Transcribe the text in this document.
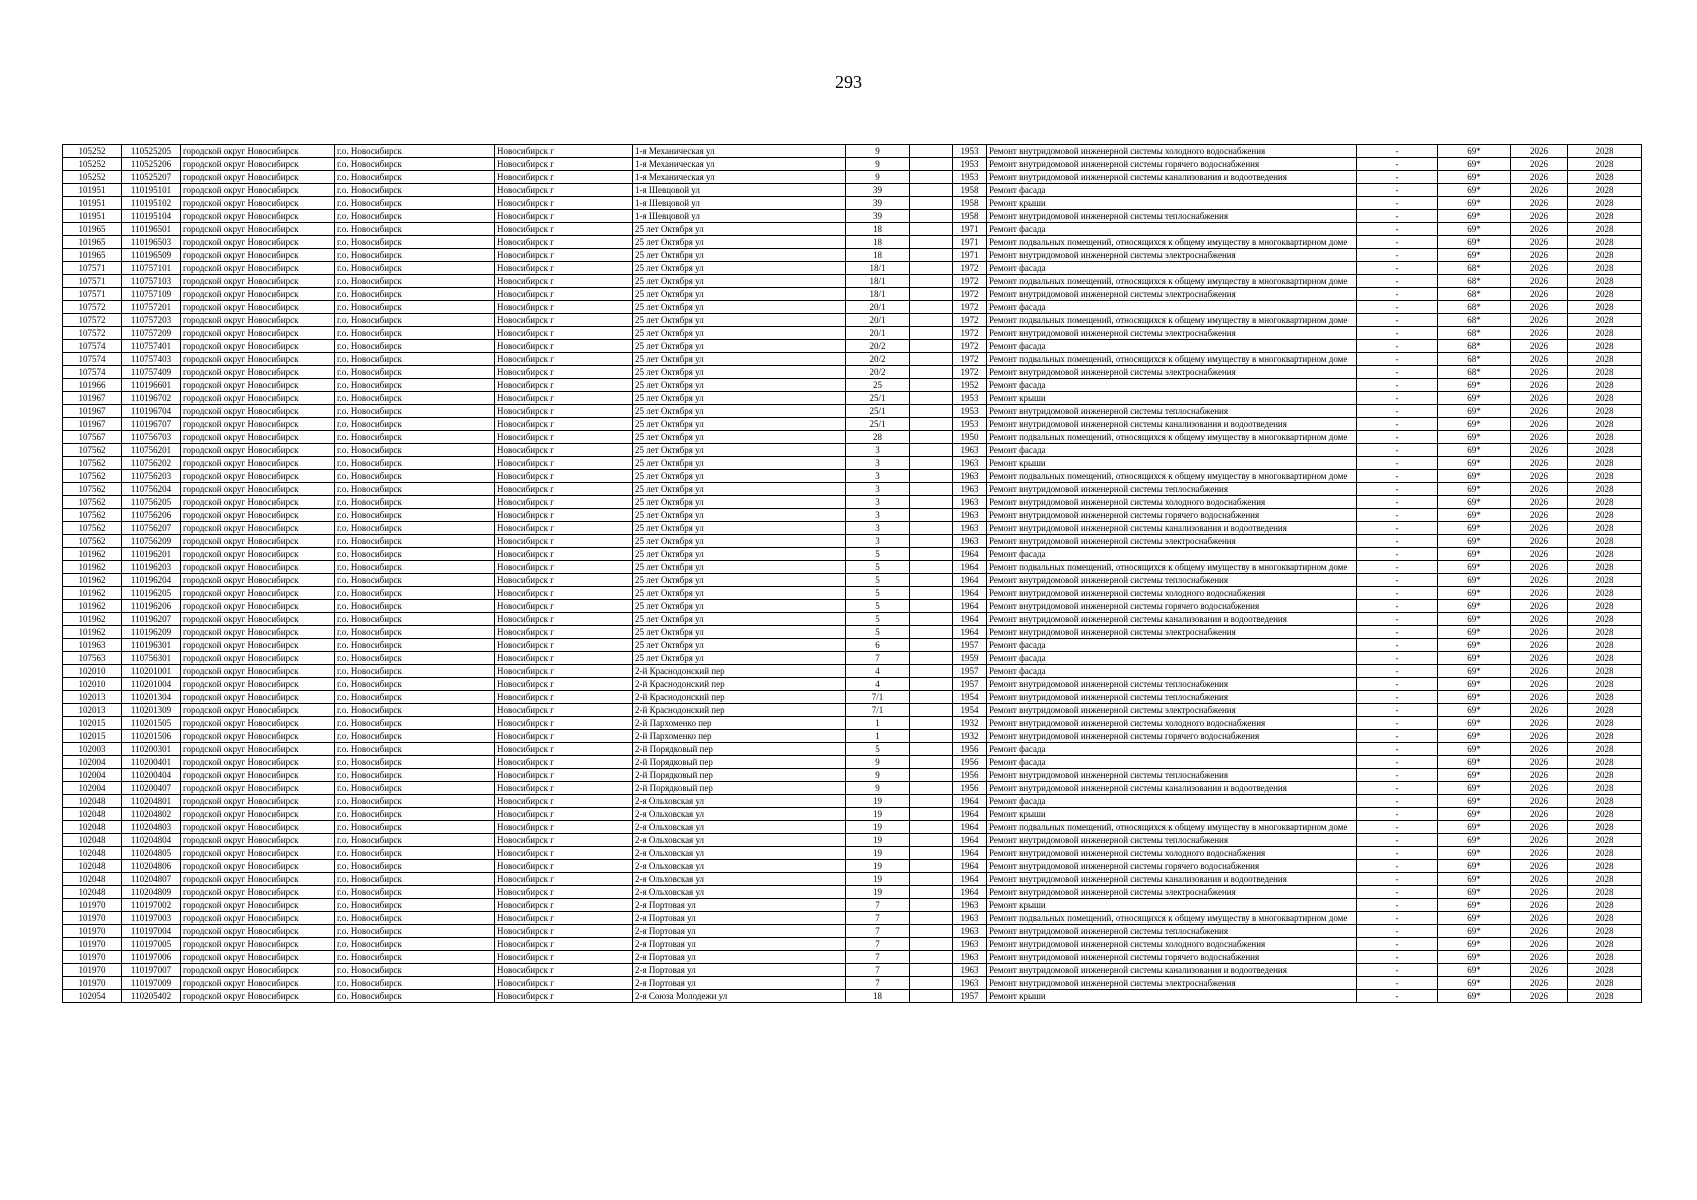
293
105252	110525205	городской округ Новосибирск	г.о. Новосибирск	Новосибирск г	1-я Механическая ул	9		1953	Ремонт внутридомовой инженерной системы холодного водоснабжения	-	69*	2026	2028
105252	110525206	городской округ Новосибирск	г.о. Новосибирск	Новосибирск г	1-я Механическая ул	9		1953	Ремонт внутридомовой инженерной системы горячего водоснабжения	-	69*	2026	2028
105252	110525207	городской округ Новосибирск	г.о. Новосибирск	Новосибирск г	1-я Механическая ул	9		1953	Ремонт внутридомовой инженерной системы канализования и водоотведения	-	69*	2026	2028
101951	110195101	городской округ Новосибирск	г.о. Новосибирск	Новосибирск г	1-я Шевцовой ул	39		1958	Ремонт фасада	-	69*	2026	2028
101951	110195102	городской округ Новосибирск	г.о. Новосибирск	Новосибирск г	1-я Шевцовой ул	39		1958	Ремонт крыши	-	69*	2026	2028
101951	110195104	городской округ Новосибирск	г.о. Новосибирск	Новосибирск г	1-я Шевцовой ул	39		1958	Ремонт внутридомовой инженерной системы теплоснабжения	-	69*	2026	2028
101965	110196501	городской округ Новосибирск	г.о. Новосибирск	Новосибирск г	25 лет Октября ул	18		1971	Ремонт фасада	-	69*	2026	2028
101965	110196503	городской округ Новосибирск	г.о. Новосибирск	Новосибирск г	25 лет Октября ул	18		1971	Ремонт подвальных помещений, относящихся к общему имуществу в многоквартирном доме	-	69*	2026	2028
101965	110196509	городской округ Новосибирск	г.о. Новосибирск	Новосибирск г	25 лет Октября ул	18		1971	Ремонт внутридомовой инженерной системы электроснабжения	-	69*	2026	2028
107571	110757101	городской округ Новосибирск	г.о. Новосибирск	Новосибирск г	25 лет Октября ул	18/1		1972	Ремонт фасада	-	68*	2026	2028
107571	110757103	городской округ Новосибирск	г.о. Новосибирск	Новосибирск г	25 лет Октября ул	18/1		1972	Ремонт подвальных помещений, относящихся к общему имуществу в многоквартирном доме	-	68*	2026	2028
107571	110757109	городской округ Новосибирск	г.о. Новосибирск	Новосибирск г	25 лет Октября ул	18/1		1972	Ремонт внутридомовой инженерной системы электроснабжения	-	68*	2026	2028
107572	110757201	городской округ Новосибирск	г.о. Новосибирск	Новосибирск г	25 лет Октября ул	20/1		1972	Ремонт фасада	-	68*	2026	2028
107572	110757203	городской округ Новосибирск	г.о. Новосибирск	Новосибирск г	25 лет Октября ул	20/1		1972	Ремонт подвальных помещений, относящихся к общему имуществу в многоквартирном доме	-	68*	2026	2028
107572	110757209	городской округ Новосибирск	г.о. Новосибирск	Новосибирск г	25 лет Октября ул	20/1		1972	Ремонт внутридомовой инженерной системы электроснабжения	-	68*	2026	2028
107574	110757401	городской округ Новосибирск	г.о. Новосибирск	Новосибирск г	25 лет Октября ул	20/2		1972	Ремонт фасада	-	68*	2026	2028
107574	110757403	городской округ Новосибирск	г.о. Новосибирск	Новосибирск г	25 лет Октября ул	20/2		1972	Ремонт подвальных помещений, относящихся к общему имуществу в многоквартирном доме	-	68*	2026	2028
107574	110757409	городской округ Новосибирск	г.о. Новосибирск	Новосибирск г	25 лет Октября ул	20/2		1972	Ремонт внутридомовой инженерной системы электроснабжения	-	68*	2026	2028
101966	110196601	городской округ Новосибирск	г.о. Новосибирск	Новосибирск г	25 лет Октября ул	25		1952	Ремонт фасада	-	69*	2026	2028
101967	110196702	городской округ Новосибирск	г.о. Новосибирск	Новосибирск г	25 лет Октября ул	25/1		1953	Ремонт крыши	-	69*	2026	2028
101967	110196704	городской округ Новосибирск	г.о. Новосибирск	Новосибирск г	25 лет Октября ул	25/1		1953	Ремонт внутридомовой инженерной системы теплоснабжения	-	69*	2026	2028
101967	110196707	городской округ Новосибирск	г.о. Новосибирск	Новосибирск г	25 лет Октября ул	25/1		1953	Ремонт внутридомовой инженерной системы канализования и водоотведения	-	69*	2026	2028
107567	110756703	городской округ Новосибирск	г.о. Новосибирск	Новосибирск г	25 лет Октября ул	28		1950	Ремонт подвальных помещений, относящихся к общему имуществу в многоквартирном доме	-	69*	2026	2028
107562	110756201	городской округ Новосибирск	г.о. Новосибирск	Новосибирск г	25 лет Октября ул	3		1963	Ремонт фасада	-	69*	2026	2028
107562	110756202	городской округ Новосибирск	г.о. Новосибирск	Новосибирск г	25 лет Октября ул	3		1963	Ремонт крыши	-	69*	2026	2028
107562	110756203	городской округ Новосибирск	г.о. Новосибирск	Новосибирск г	25 лет Октября ул	3		1963	Ремонт подвальных помещений, относящихся к общему имуществу в многоквартирном доме	-	69*	2026	2028
107562	110756204	городской округ Новосибирск	г.о. Новосибирск	Новосибирск г	25 лет Октября ул	3		1963	Ремонт внутридомовой инженерной системы теплоснабжения	-	69*	2026	2028
107562	110756205	городской округ Новосибирск	г.о. Новосибирск	Новосибирск г	25 лет Октября ул	3		1963	Ремонт внутридомовой инженерной системы холодного водоснабжения	-	69*	2026	2028
107562	110756206	городской округ Новосибирск	г.о. Новосибирск	Новосибирск г	25 лет Октября ул	3		1963	Ремонт внутридомовой инженерной системы горячего водоснабжения	-	69*	2026	2028
107562	110756207	городской округ Новосибирск	г.о. Новосибирск	Новосибирск г	25 лет Октября ул	3		1963	Ремонт внутридомовой инженерной системы канализования и водоотведения	-	69*	2026	2028
107562	110756209	городской округ Новосибирск	г.о. Новосибирск	Новосибирск г	25 лет Октября ул	3		1963	Ремонт внутридомовой инженерной системы электроснабжения	-	69*	2026	2028
101962	110196201	городской округ Новосибирск	г.о. Новосибирск	Новосибирск г	25 лет Октября ул	5		1964	Ремонт фасада	-	69*	2026	2028
101962	110196203	городской округ Новосибирск	г.о. Новосибирск	Новосибирск г	25 лет Октября ул	5		1964	Ремонт подвальных помещений, относящихся к общему имуществу в многоквартирном доме	-	69*	2026	2028
101962	110196204	городской округ Новосибирск	г.о. Новосибирск	Новосибирск г	25 лет Октября ул	5		1964	Ремонт внутридомовой инженерной системы теплоснабжения	-	69*	2026	2028
101962	110196205	городской округ Новосибирск	г.о. Новосибирск	Новосибирск г	25 лет Октября ул	5		1964	Ремонт внутридомовой инженерной системы холодного водоснабжения	-	69*	2026	2028
101962	110196206	городской округ Новосибирск	г.о. Новосибирск	Новосибирск г	25 лет Октября ул	5		1964	Ремонт внутридомовой инженерной системы горячего водоснабжения	-	69*	2026	2028
101962	110196207	городской округ Новосибирск	г.о. Новосибирск	Новосибирск г	25 лет Октября ул	5		1964	Ремонт внутридомовой инженерной системы канализования и водоотведения	-	69*	2026	2028
101962	110196209	городской округ Новосибирск	г.о. Новосибирск	Новосибирск г	25 лет Октября ул	5		1964	Ремонт внутридомовой инженерной системы электроснабжения	-	69*	2026	2028
101963	110196301	городской округ Новосибирск	г.о. Новосибирск	Новосибирск г	25 лет Октября ул	6		1957	Ремонт фасада	-	69*	2026	2028
107563	110756301	городской округ Новосибирск	г.о. Новосибирск	Новосибирск г	25 лет Октября ул	7		1959	Ремонт фасада	-	69*	2026	2028
102010	110201001	городской округ Новосибирск	г.о. Новосибирск	Новосибирск г	2-й Краснодонский пер	4		1957	Ремонт фасада	-	69*	2026	2028
102010	110201004	городской округ Новосибирск	г.о. Новосибирск	Новосибирск г	2-й Краснодонский пер	4		1957	Ремонт внутридомовой инженерной системы теплоснабжения	-	69*	2026	2028
102013	110201304	городской округ Новосибирск	г.о. Новосибирск	Новосибирск г	2-й Краснодонский пер	7/1		1954	Ремонт внутридомовой инженерной системы теплоснабжения	-	69*	2026	2028
102013	110201309	городской округ Новосибирск	г.о. Новосибирск	Новосибирск г	2-й Краснодонский пер	7/1		1954	Ремонт внутридомовой инженерной системы электроснабжения	-	69*	2026	2028
102015	110201505	городской округ Новосибирск	г.о. Новосибирск	Новосибирск г	2-й Пархоменко пер	1		1932	Ремонт внутридомовой инженерной системы холодного водоснабжения	-	69*	2026	2028
102015	110201506	городской округ Новосибирск	г.о. Новосибирск	Новосибирск г	2-й Пархоменко пер	1		1932	Ремонт внутридомовой инженерной системы горячего водоснабжения	-	69*	2026	2028
102003	110200301	городской округ Новосибирск	г.о. Новосибирск	Новосибирск г	2-й Порядковый пер	5		1956	Ремонт фасада	-	69*	2026	2028
102004	110200401	городской округ Новосибирск	г.о. Новосибирск	Новосибирск г	2-й Порядковый пер	9		1956	Ремонт фасада	-	69*	2026	2028
102004	110200404	городской округ Новосибирск	г.о. Новосибирск	Новосибирск г	2-й Порядковый пер	9		1956	Ремонт внутридомовой инженерной системы теплоснабжения	-	69*	2026	2028
102004	110200407	городской округ Новосибирск	г.о. Новосибирск	Новосибирск г	2-й Порядковый пер	9		1956	Ремонт внутридомовой инженерной системы канализования и водоотведения	-	69*	2026	2028
102048	110204801	городской округ Новосибирск	г.о. Новосибирск	Новосибирск г	2-я Ольховская ул	19		1964	Ремонт фасада	-	69*	2026	2028
102048	110204802	городской округ Новосибирск	г.о. Новосибирск	Новосибирск г	2-я Ольховская ул	19		1964	Ремонт крыши	-	69*	2026	2028
102048	110204803	городской округ Новосибирск	г.о. Новосибирск	Новосибирск г	2-я Ольховская ул	19		1964	Ремонт подвальных помещений, относящихся к общему имуществу в многоквартирном доме	-	69*	2026	2028
102048	110204804	городской округ Новосибирск	г.о. Новосибирск	Новосибирск г	2-я Ольховская ул	19		1964	Ремонт внутридомовой инженерной системы теплоснабжения	-	69*	2026	2028
102048	110204805	городской округ Новосибирск	г.о. Новосибирск	Новосибирск г	2-я Ольховская ул	19		1964	Ремонт внутридомовой инженерной системы холодного водоснабжения	-	69*	2026	2028
102048	110204806	городской округ Новосибирск	г.о. Новосибирск	Новосибирск г	2-я Ольховская ул	19		1964	Ремонт внутридомовой инженерной системы горячего водоснабжения	-	69*	2026	2028
102048	110204807	городской округ Новосибирск	г.о. Новосибирск	Новосибирск г	2-я Ольховская ул	19		1964	Ремонт внутридомовой инженерной системы канализования и водоотведения	-	69*	2026	2028
102048	110204809	городской округ Новосибирск	г.о. Новосибирск	Новосибирск г	2-я Ольховская ул	19		1964	Ремонт внутридомовой инженерной системы электроснабжения	-	69*	2026	2028
101970	110197002	городской округ Новосибирск	г.о. Новосибирск	Новосибирск г	2-я Портовая ул	7		1963	Ремонт крыши	-	69*	2026	2028
101970	110197003	городской округ Новосибирск	г.о. Новосибирск	Новосибирск г	2-я Портовая ул	7		1963	Ремонт подвальных помещений, относящихся к общему имуществу в многоквартирном доме	-	69*	2026	2028
101970	110197004	городской округ Новосибирск	г.о. Новосибирск	Новосибирск г	2-я Портовая ул	7		1963	Ремонт внутридомовой инженерной системы теплоснабжения	-	69*	2026	2028
101970	110197005	городской округ Новосибирск	г.о. Новосибирск	Новосибирск г	2-я Портовая ул	7		1963	Ремонт внутридомовой инженерной системы холодного водоснабжения	-	69*	2026	2028
101970	110197006	городской округ Новосибирск	г.о. Новосибирск	Новосибирск г	2-я Портовая ул	7		1963	Ремонт внутридомовой инженерной системы горячего водоснабжения	-	69*	2026	2028
101970	110197007	городской округ Новосибирск	г.о. Новосибирск	Новосибирск г	2-я Портовая ул	7		1963	Ремонт внутридомовой инженерной системы канализования и водоотведения	-	69*	2026	2028
101970	110197009	городской округ Новосибирск	г.о. Новосибирск	Новосибирск г	2-я Портовая ул	7		1963	Ремонт внутридомовой инженерной системы электроснабжения	-	69*	2026	2028
102054	110205402	городской округ Новосибирск	г.о. Новосибирск	Новосибирск г	2-я Союза Молодежи ул	18		1957	Ремонт крыши	-	69*	2026	2028
